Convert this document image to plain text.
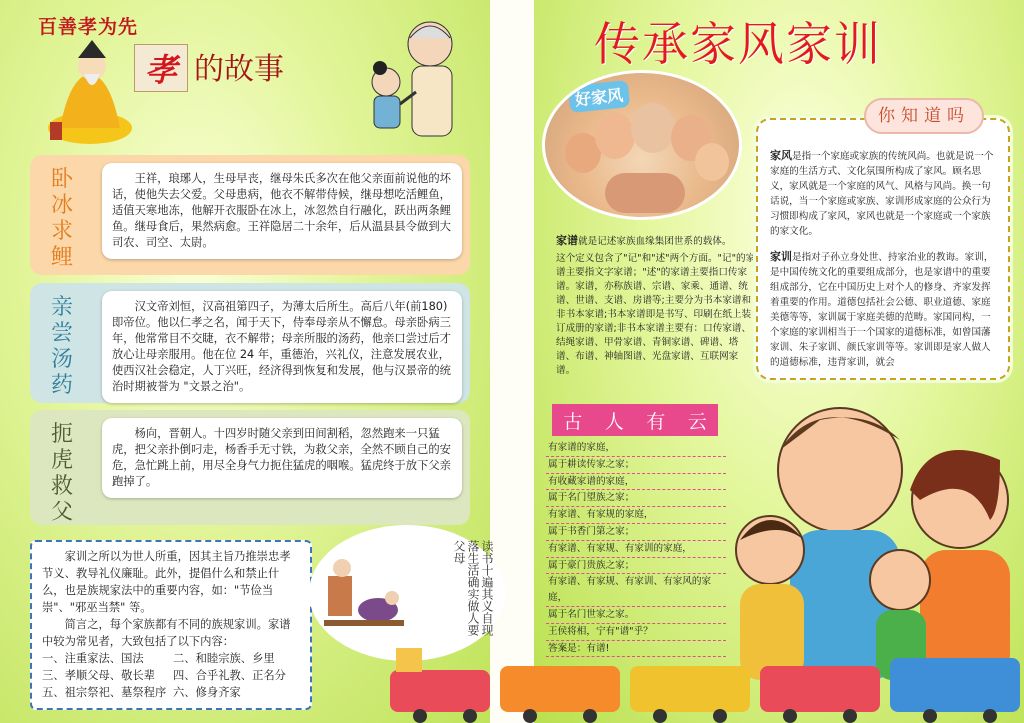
百善孝为先
孝 的故事
卧冰求鲤
王祥，琅琊人，生母早丧，继母朱氏多次在他父亲面前说他的坏话，使他失去父爱。父母患病，他衣不解带侍候，继母想吃活鲤鱼，适值天寒地冻，他解开衣服卧在冰上，冰忽然自行融化，跃出两条鲤鱼。继母食后，果然病愈。王祥隐居二十余年，后从温县县令做到大司农、司空、太尉。
亲尝汤药
汉文帝刘恒，汉高祖第四子，为薄太后所生。高后八年(前180)即帝位。他以仁孝之名，闻于天下，侍奉母亲从不懈怠。母亲卧病三年，他常常目不交睫，衣不解带；母亲所服的汤药，他亲口尝过后才放心让母亲服用。他在位 24 年，重德治，兴礼仪，注意发展农业，使西汉社会稳定，人丁兴旺，经济得到恢复和发展，他与汉景帝的统治时期被誉为 "文景之治"。
扼虎救父
杨向，晋朝人。十四岁时随父亲到田间割稻，忽然跑来一只猛虎，把父亲扑倒叼走，杨香手无寸铁，为救父亲，全然不顾自己的安危，急忙跳上前，用尽全身气力扼住猛虎的咽喉。猛虎终于放下父亲跑掉了。
家训之所以为世人所重，因其主旨乃推崇忠孝节义、教导礼仪廉耻。此外，提倡什么和禁止什么，也是族规家法中的重要内容，如："节俭当崇"、"邪巫当禁" 等。
简言之，每个家族都有不同的族规家训。家谱中较为常见者，大致包括了以下内容：
一、注重家法、国法	二、和睦宗族、乡里
三、孝顺父母、敬长辈	四、合乎礼教、正名分
五、祖宗祭祀、墓祭程序 六、修身齐家
读书十遍其义自现落生活确实做人要父母
传承家风家训
好家风
家谱就是记述家族血缘集团世系的载体。
这个定义包含了"记"和"述"两个方面。"记"的家谱主要指文字家谱；"述"的家谱主要指口传家谱。家谱，亦称族谱、宗谱、家乘、通谱、统谱、世谱、支谱、房谱等;主要分为书本家谱和非书本家谱;书本家谱即是书写、印刷在纸上装订成册的家谱;非书本家谱主要有：口传家谱、结绳家谱、甲骨家谱、青铜家谱、碑谱、塔谱、布谱、神轴图谱、光盘家谱、互联网家谱。

家风是指一个家庭或家族的传统风尚。也就是说一个家庭的生活方式、文化氛围所构成了家风。顾名思义，家风就是一个家庭的风气、风格与风尚。换一句话说，当一个家庭或家族、家训形成家庭的公众行为习惯即构成了家风，家风也就是一个家庭或一个家族的家文化。

家训是指对子孙立身处世、持家治业的教诲。家训，是中国传统文化的重要组成部分，也是家谱中的重要组成部分，它在中国历史上对个人的修身、齐家发挥着重要的作用。道德包括社会公德、职业道德、家庭美德等等，家训属于家庭美德的范畴。家国同构，一个家庭的家训相当于一个国家的道德标准，如曾国藩家训、朱子家训、颜氏家训等等。家训即是家人做人的道德标准，违背家训，就会

你知道吗
古 人 有 云
有家谱的家庭，
属于耕读传家之家；
有收藏家谱的家庭，
属于名门望族之家；
有家谱、有家规的家庭，
属于书香门第之家；
有家谱、有家规、有家训的家庭，
属于豪门贵族之家；
有家谱、有家规、有家训、有家风的家庭，
属于名门世家之家。
王侯将相，宁有"谱"乎？
答案是：有谱!
